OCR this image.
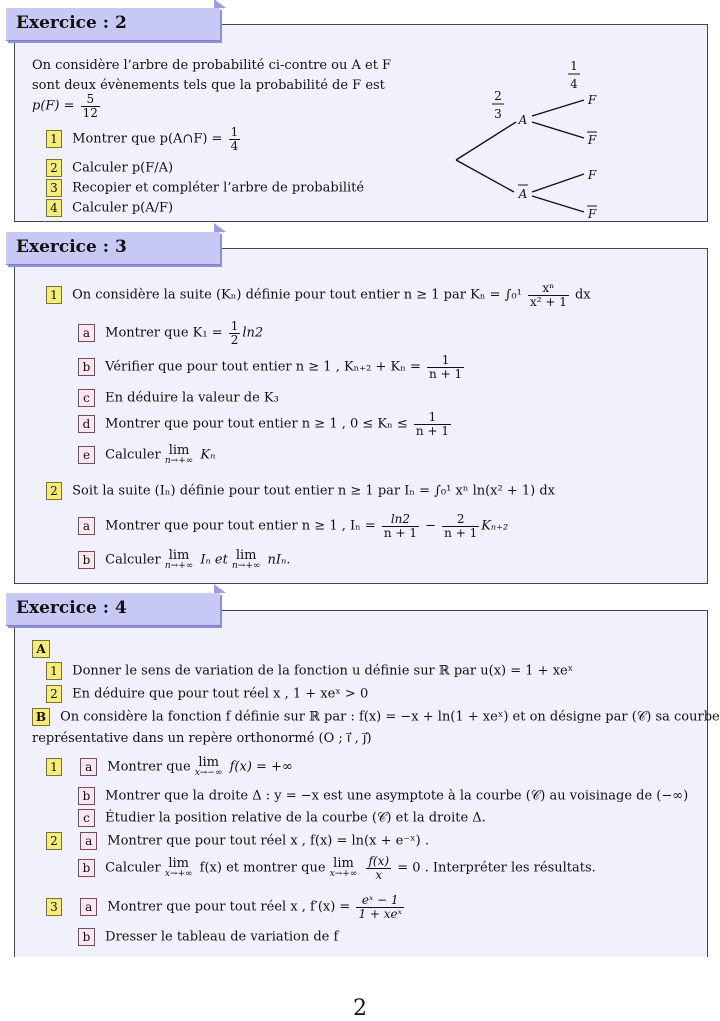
Exercice : 2
On considère l’arbre de probabilité ci-contre ou A et F
sont deux évènements tels que la probabilité de F est
$p(F) = \frac{5}{12}$
1 Montrer que p(A∩F) = $\frac{1}{4}$
2 Calculer p(F/A)
3 Recopier et compléter l’arbre de probabilité
4 Calculer p(A/F)
2
3
1
4
A
A
F
F
F
F
Exercice : 3
1 On considère la suite (Kₙ) définie pour tout entier n ≥ 1 par $K_n = \int_0^1 \frac{\text{xⁿ}}{\text{x² + 1}}$ dx
a Montrer que $K_1 = \frac{1}{2} \ln 2$
b Vérifier que pour tout entier n ≥ 1 , $K_{n+2} + K_n = \frac{1}{n + 1}$
c En déduire la valeur de K₃
d Montrer que pour tout entier n ≥ 1 , $0 \le K_n \le \frac{1}{n + 1}$
e Calculer lim
n→+∞ Kₙ
2 Soit la suite (Iₙ) définie pour tout entier n ≥ 1 par Iₙ = ∫₀¹ xⁿ ln(x² + 1) dx
a Montrer que pour tout entier n ≥ 1 , $I_n = \frac{\ln 2}{n + 1} - \frac{2}{n + 1} K_{n+2}$
b Calculer lim
n→+∞ Iₙ et lim
n→+∞ nIₙ.
Exercice : 4
A
1 Donner le sens de variation de la fonction u définie sur ℝ par u(x) = 1 + xeˣ
2 En déduire que pour tout réel x , 1 + xeˣ > 0
B On considère la fonction f définie sur ℝ par : f(x) = −x + ln(1 + xeˣ) et on désigne par (𝒞) sa courbe
représentative dans un repère orthonormé (O ; i⃗ , j⃗)
1 a Montrer que lim
x→−∞ f(x) = +∞
b Montrer que la droite Δ : y = −x est une asymptote à la courbe (𝒞) au voisinage de (−∞)
c Étudier la position relative de la courbe (𝒞) et la droite Δ.
2 a Montrer que pour tout réel x , f(x) = ln(x + e⁻ˣ) .
b Calculer lim
x→+∞ f(x) et montrer que lim
x→+∞
$\frac{f(x)}{x} = 0$ . Interpréter les résultats.
3 a Montrer que pour tout réel x , $f'(x) = \frac{\text{eˣ − 1}}{\text{1 + xeˣ}}$
b Dresser le tableau de variation de f
2
